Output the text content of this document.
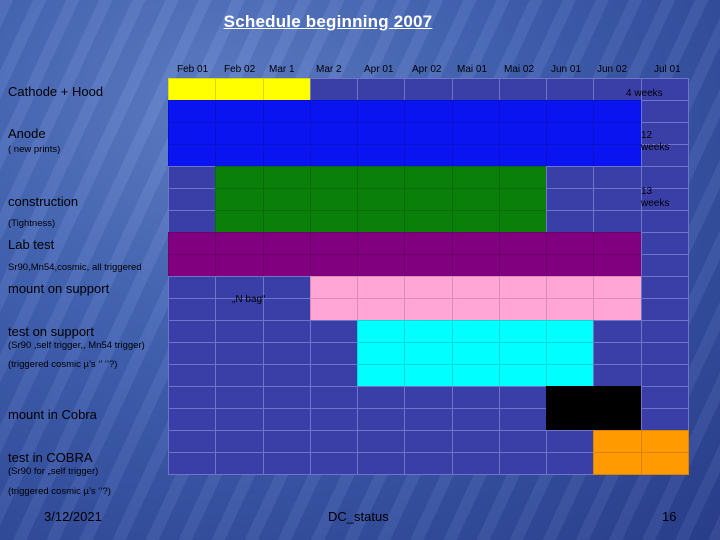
Schedule beginning 2007
Feb 01 Feb 02 Mar 1 Mar 2 Apr 01 Apr 02 Mai 01 Mai 02 Jun 01 Jun 02	Jul 01
Cathode + Hood
Anode
( new prints)
construction
(Tightness)
Lab test
Sr90,Mn54,cosmic, all triggered
mount on support
test on support
(Sr90 ,self trigger,, Mn54 trigger)
(triggered cosmic µ’s ‘’ ‘’?)
mount in Cobra
test in COBRA
(Sr90 for „self trigger)
(triggered cosmic µ’s ‘’?)
4 weeks
12
weeks
13
weeks
„N bag“
3/12/2021	DC_status	16
